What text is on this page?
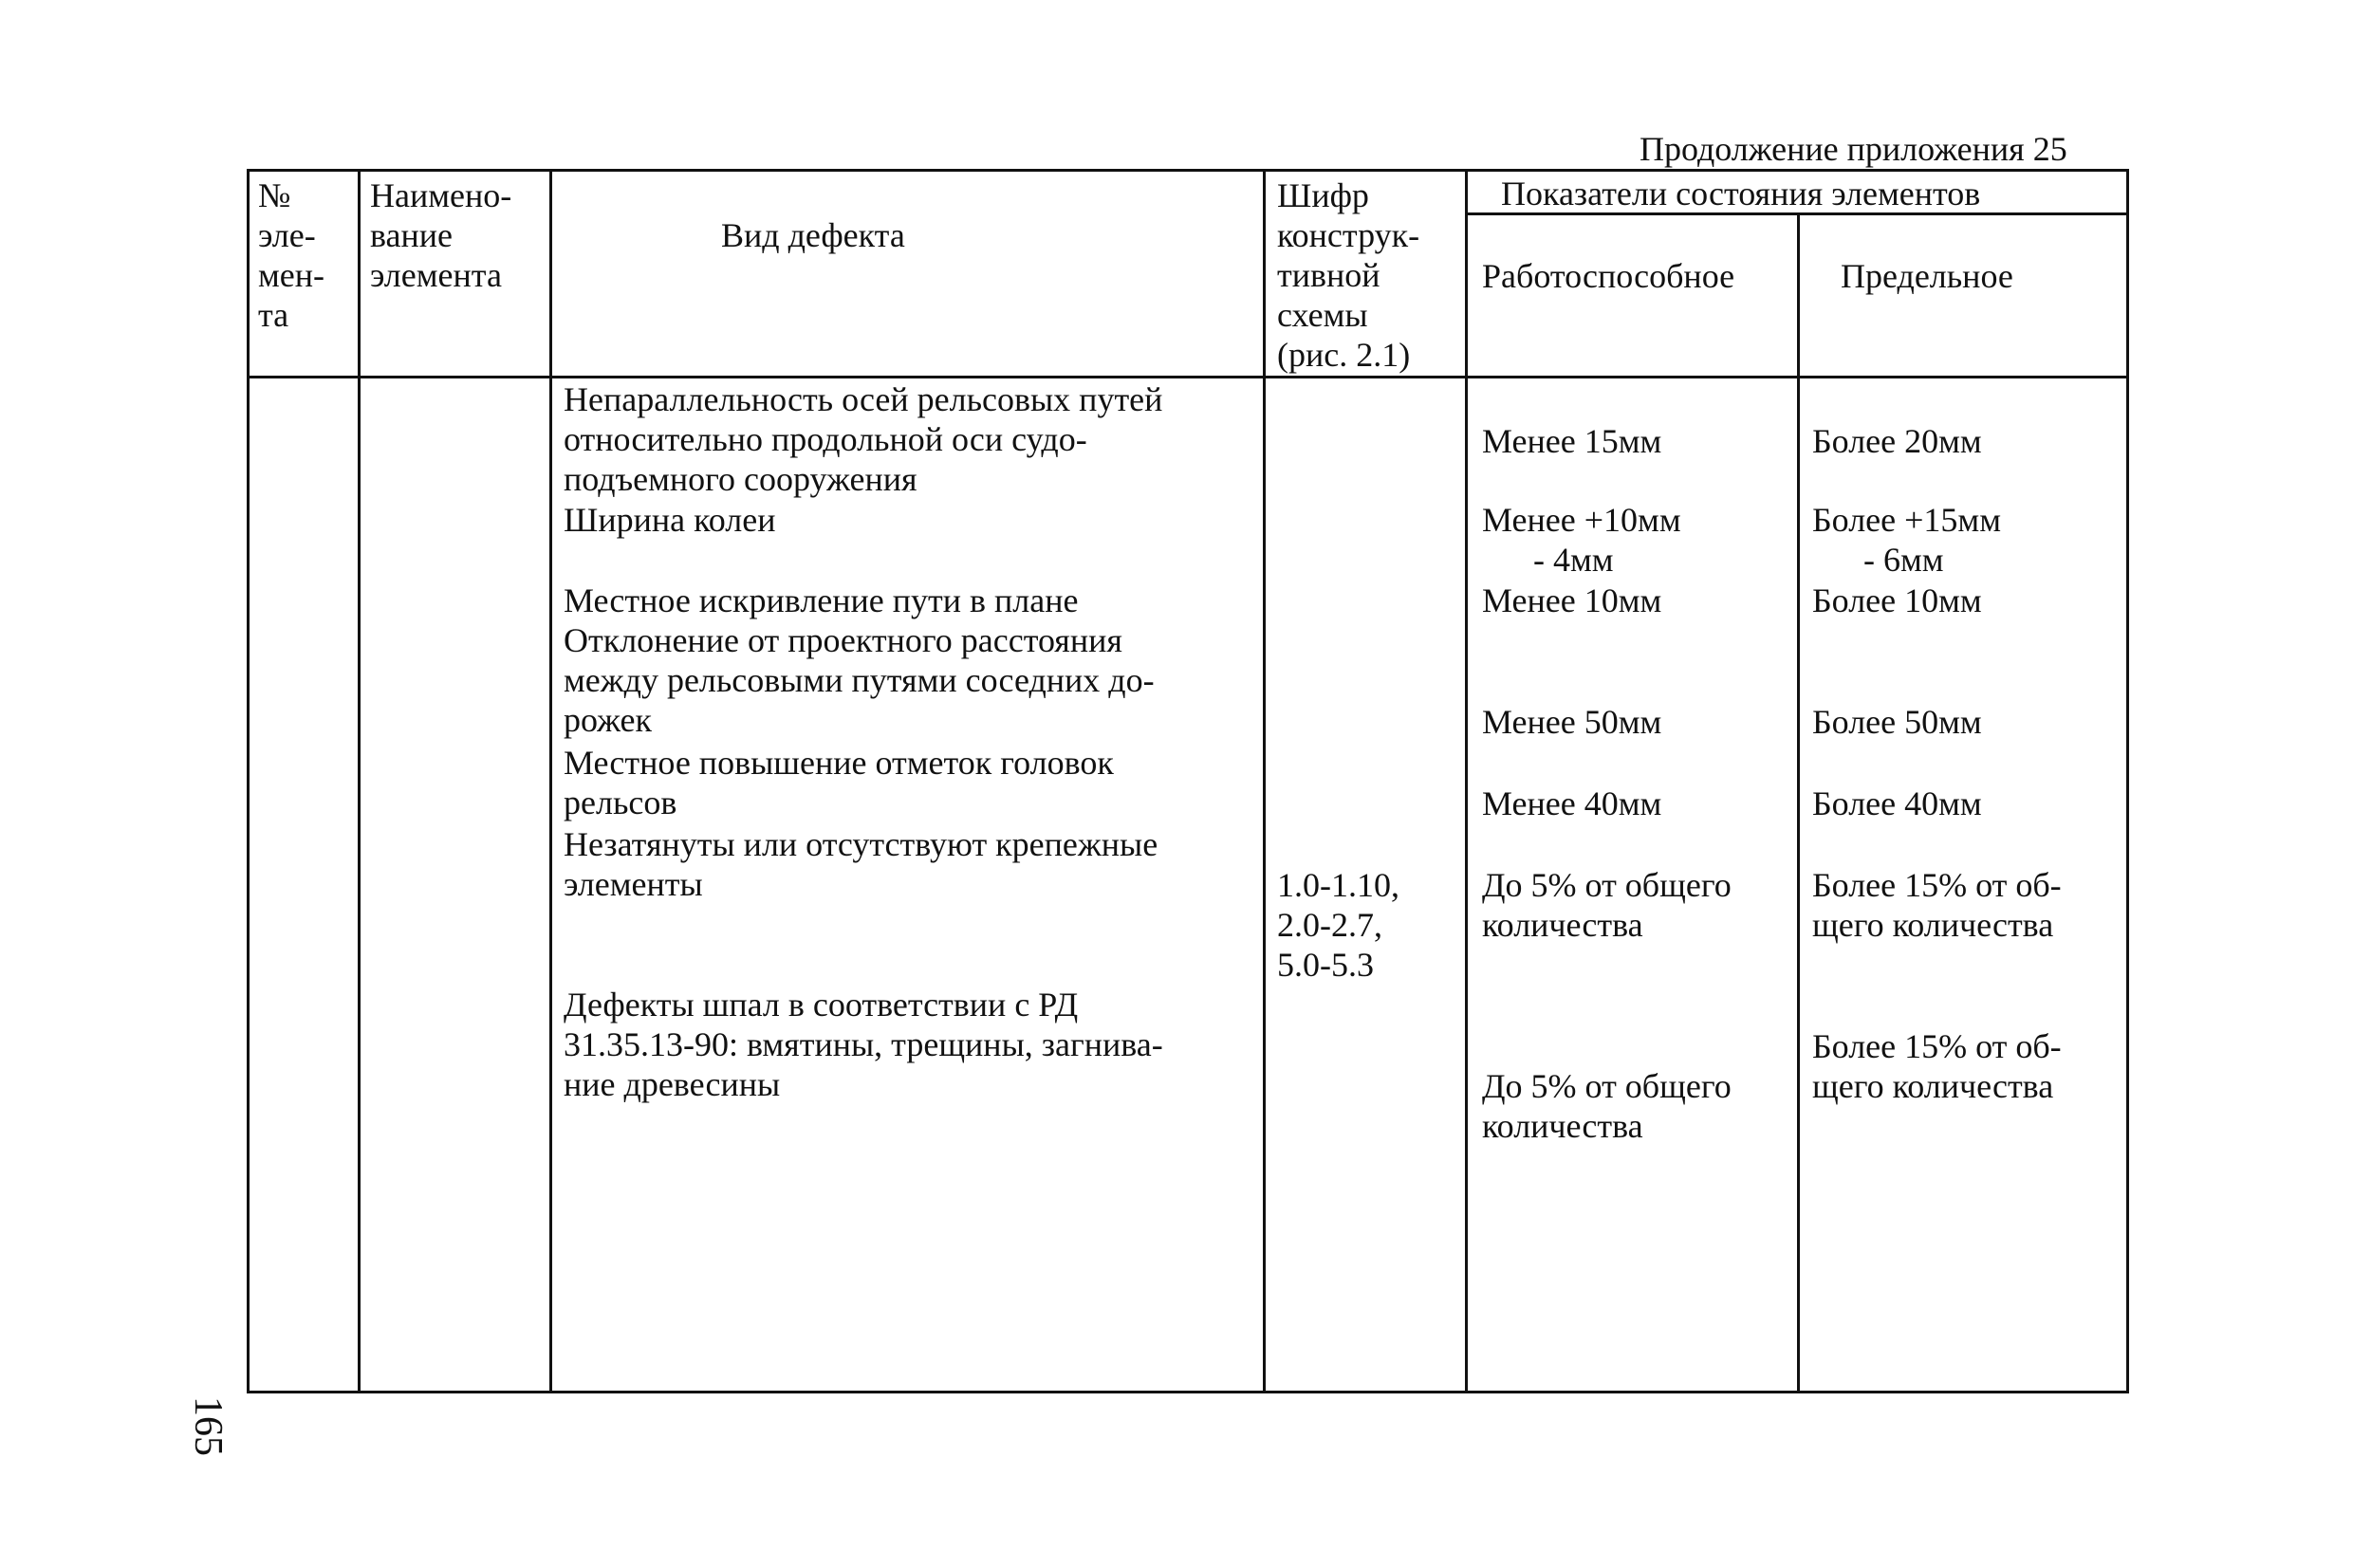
Продолжение приложения 25
№
эле-
мен-
та
Наимено-
вание
элемента
Вид дефекта
Шифр
конструк-
тивной
схемы
(рис. 2.1)
Показатели состояния элементов
Работоспособное	Предельное
Непараллельность осей рельсовых путей
относительно продольной оси судо-
подъемного сооружения
Ширина колеи
Местное искривление пути в плане
Отклонение от проектного расстояния
между рельсовыми путями соседних до-
рожек
Местное повышение отметок головок
рельсов
Незатянуты или отсутствуют крепежные
элементы
Дефекты шпал в соответствии с РД
31.35.13-90: вмятины, трещины, загнива-
ние древесины
1.0-1.10,
2.0-2.7,
5.0-5.3
Менее 15мм
Менее +10мм
- 4мм
Менее 10мм
Менее 50мм
Менее 40мм
До 5% от общего
количества
До 5% от общего
количества
Более 20мм
Более +15мм
- 6мм
Более 10мм
Более 50мм
Более 40мм
Более 15% от об-
щего количества
Более 15% от об-
щего количества
165
